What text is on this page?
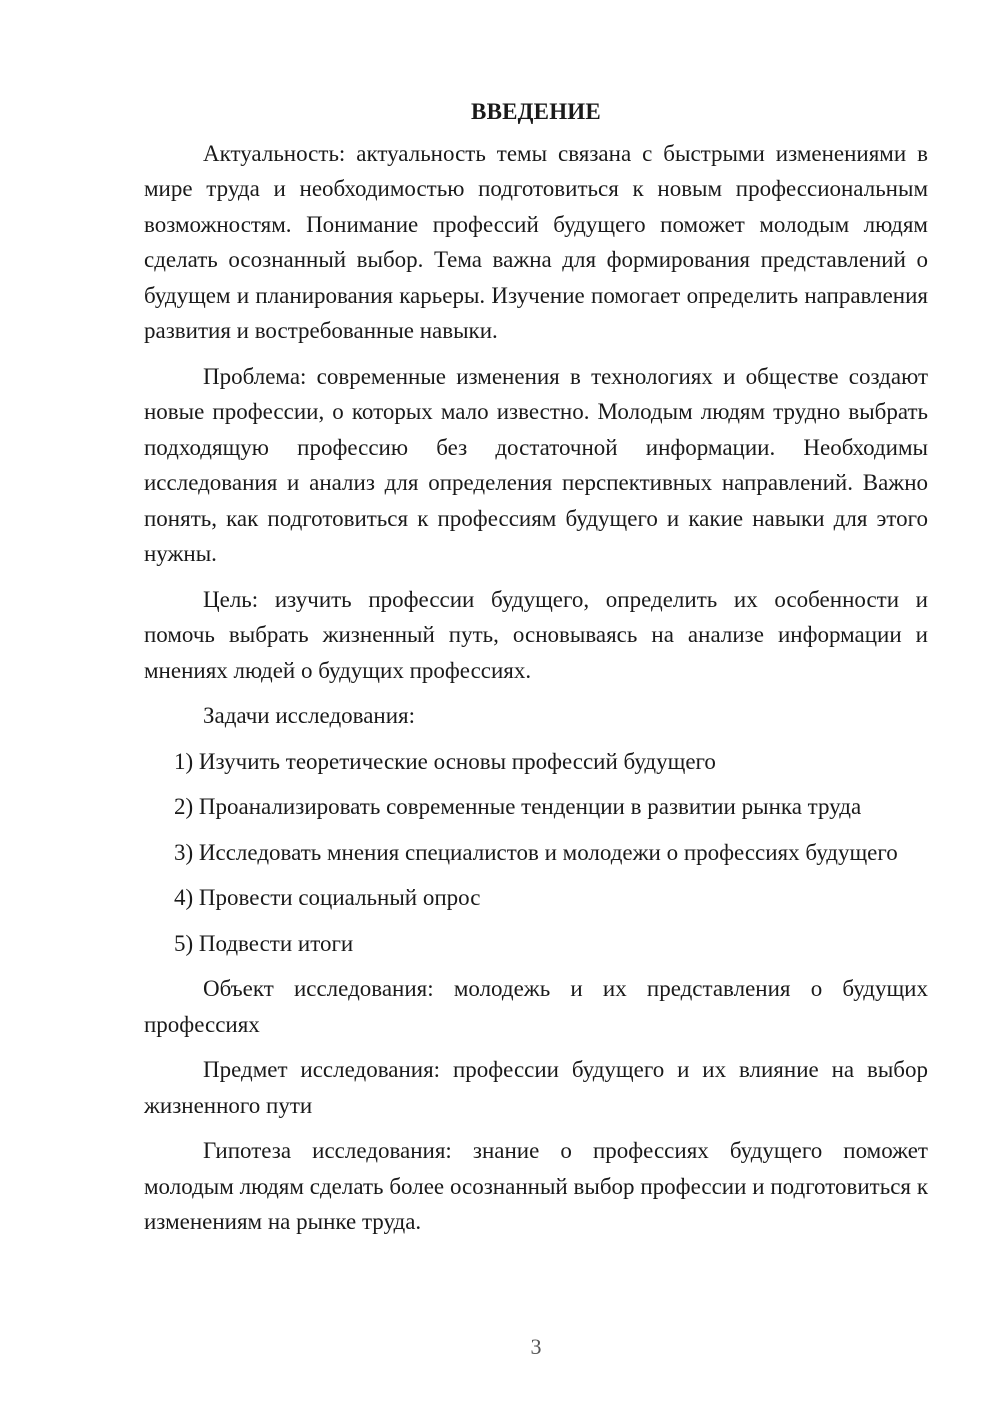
ВВЕДЕНИЕ

Актуальность: актуальность темы связана с быстрыми изменениями в мире труда и необходимостью подготовиться к новым профессиональным возможностям. Понимание профессий будущего поможет молодым людям сделать осознанный выбор. Тема важна для формирования представлений о будущем и планирования карьеры. Изучение помогает определить направления развития и востребованные навыки.

Проблема: современные изменения в технологиях и обществе создают новые профессии, о которых мало известно. Молодым людям трудно выбрать подходящую профессию без достаточной информации. Необходимы исследования и анализ для определения перспективных направлений. Важно понять, как подготовиться к профессиям будущего и какие навыки для этого нужны.

Цель: изучить профессии будущего, определить их особенности и помочь выбрать жизненный путь, основываясь на анализе информации и мнениях людей о будущих профессиях.

Задачи исследования:

1) Изучить теоретические основы профессий будущего

2) Проанализировать современные тенденции в развитии рынка труда

3) Исследовать мнения специалистов и молодежи о профессиях будущего

4) Провести социальный опрос

5) Подвести итоги

Объект исследования: молодежь и их представления о будущих профессиях

Предмет исследования: профессии будущего и их влияние на выбор жизненного пути

Гипотеза исследования: знание о профессиях будущего поможет молодым людям сделать более осознанный выбор профессии и подготовиться к изменениям на рынке труда.

3
